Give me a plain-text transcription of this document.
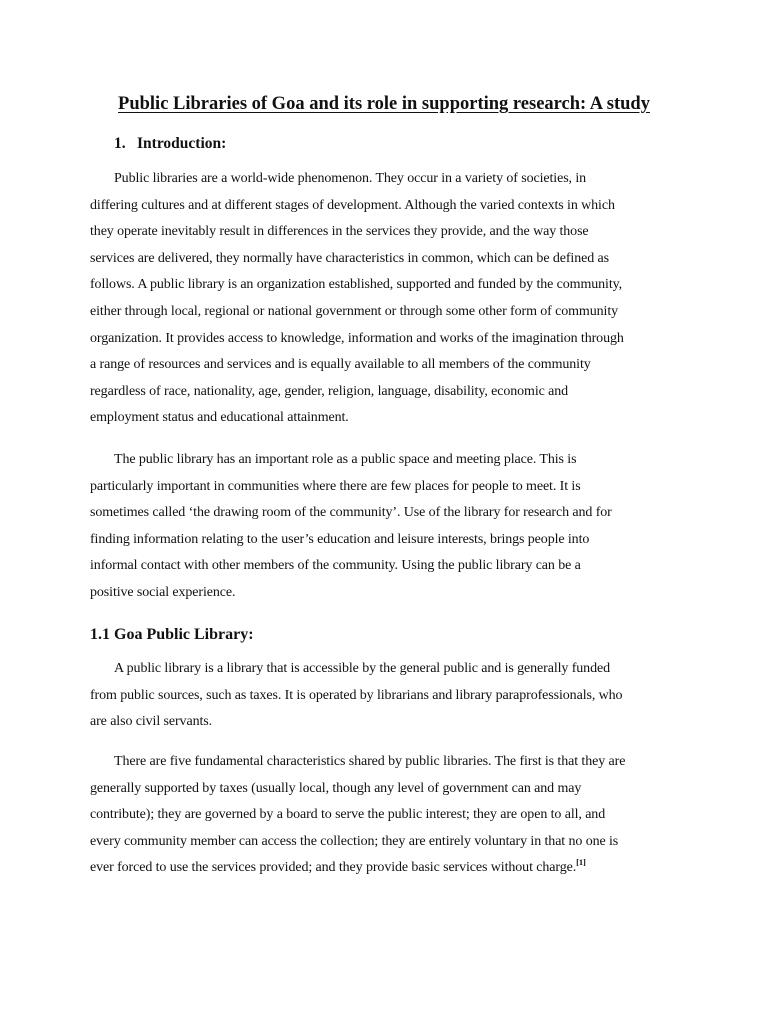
Public Libraries of Goa and its role in supporting research: A study
1. Introduction:
Public libraries are a world-wide phenomenon. They occur in a variety of societies, in
differing cultures and at different stages of development. Although the varied contexts in which
they operate inevitably result in differences in the services they provide, and the way those
services are delivered, they normally have characteristics in common, which can be defined as
follows. A public library is an organization established, supported and funded by the community,
either through local, regional or national government or through some other form of community
organization. It provides access to knowledge, information and works of the imagination through
a range of resources and services and is equally available to all members of the community
regardless of race, nationality, age, gender, religion, language, disability, economic and
employment status and educational attainment.
The public library has an important role as a public space and meeting place. This is
particularly important in communities where there are few places for people to meet. It is
sometimes called ‘the drawing room of the community’. Use of the library for research and for
finding information relating to the user’s education and leisure interests, brings people into
informal contact with other members of the community. Using the public library can be a
positive social experience.
1.1 Goa Public Library:
A public library is a library that is accessible by the general public and is generally funded
from public sources, such as taxes. It is operated by librarians and library paraprofessionals, who
are also civil servants.
There are five fundamental characteristics shared by public libraries. The first is that they are
generally supported by taxes (usually local, though any level of government can and may
contribute); they are governed by a board to serve the public interest; they are open to all, and
every community member can access the collection; they are entirely voluntary in that no one is
ever forced to use the services provided; and they provide basic services without charge.[1]
